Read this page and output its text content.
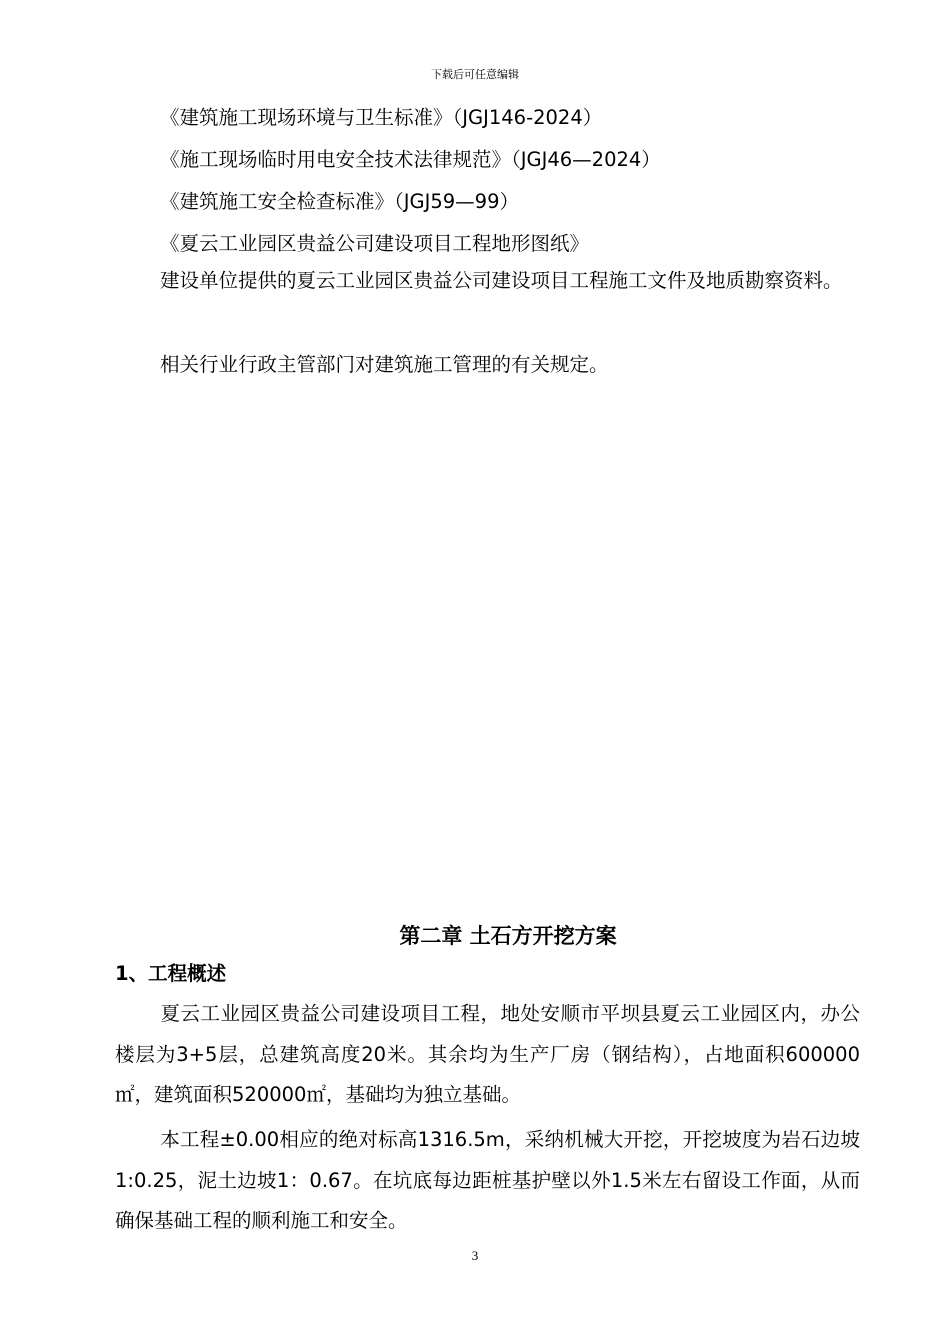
下载后可任意编辑
《建筑施工现场环境与卫生标准》（JGJ146-2024）
《施工现场临时用电安全技术法律规范》（JGJ46—2024）
《建筑施工安全检查标准》（JGJ59—99）
《夏云工业园区贵益公司建设项目工程地形图纸》
建设单位提供的夏云工业园区贵益公司建设项目工程施工文件及地质勘察资料。
相关行业行政主管部门对建筑施工管理的有关规定。
第二章 土石方开挖方案
1、工程概述
夏云工业园区贵益公司建设项目工程，地处安顺市平坝县夏云工业园区内，办公楼层为3+5层，总建筑高度20米。其余均为生产厂房（钢结构），占地面积600000㎡，建筑面积520000㎡，基础均为独立基础。
本工程±0.00相应的绝对标高1316.5m，采纳机械大开挖，开挖坡度为岩石边坡1:0.25，泥土边坡1：0.67。在坑底每边距桩基护壁以外1.5米左右留设工作面，从而确保基础工程的顺利施工和安全。
3
